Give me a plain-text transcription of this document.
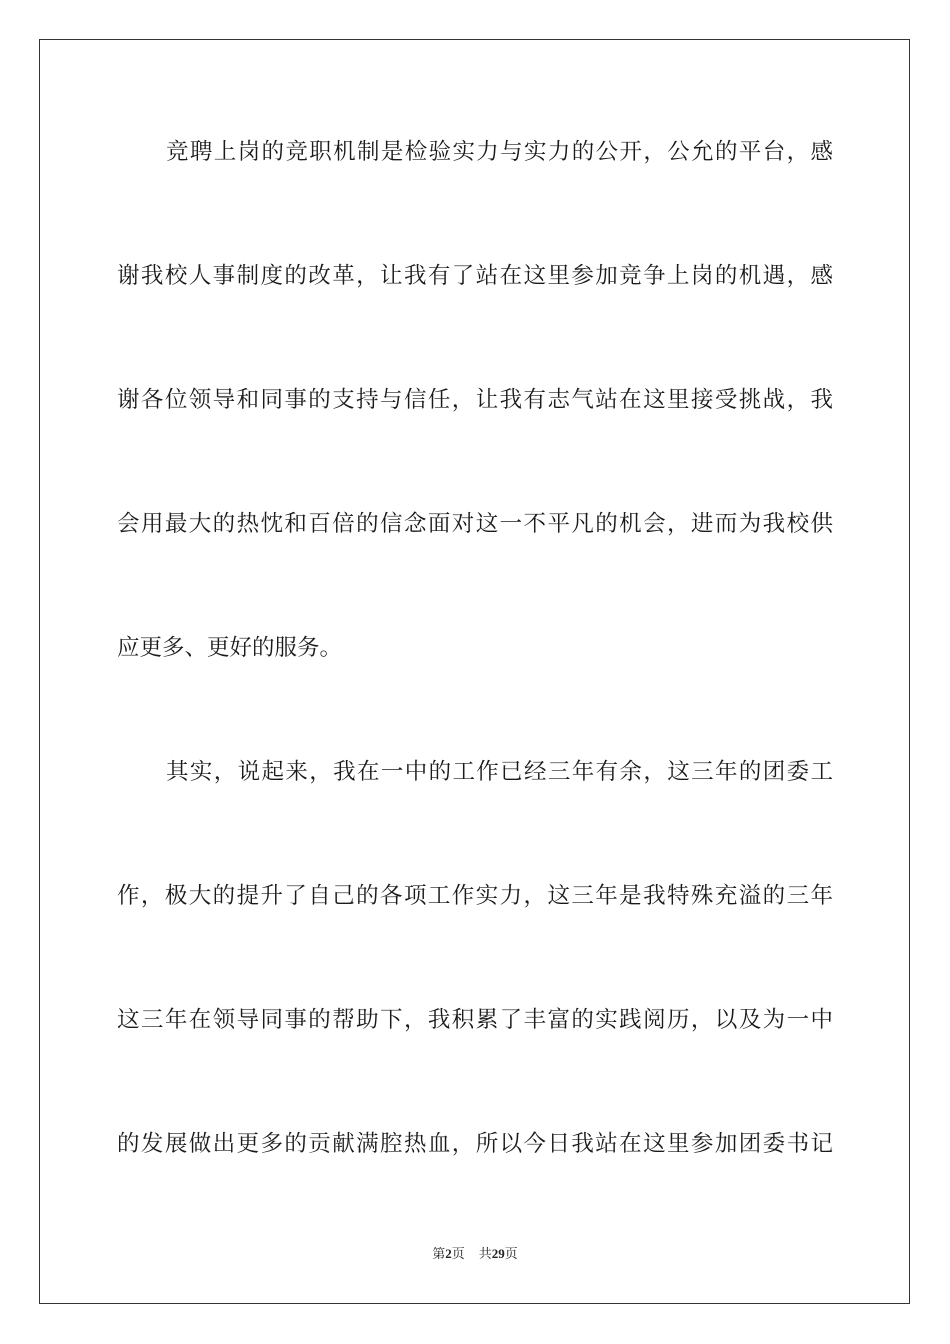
竞聘上岗的竞职机制是检验实力与实力的公开，公允的平台，感
谢我校人事制度的改革，让我有了站在这里参加竞争上岗的机遇，感
谢各位领导和同事的支持与信任，让我有志气站在这里接受挑战，我
会用最大的热忱和百倍的信念面对这一不平凡的机会，进而为我校供
应更多、更好的服务。
其实，说起来，我在一中的工作已经三年有余，这三年的团委工
作，极大的提升了自己的各项工作实力，这三年是我特殊充溢的三年
这三年在领导同事的帮助下，我积累了丰富的实践阅历，以及为一中
的发展做出更多的贡献满腔热血，所以今日我站在这里参加团委书记
第2页 共29页
